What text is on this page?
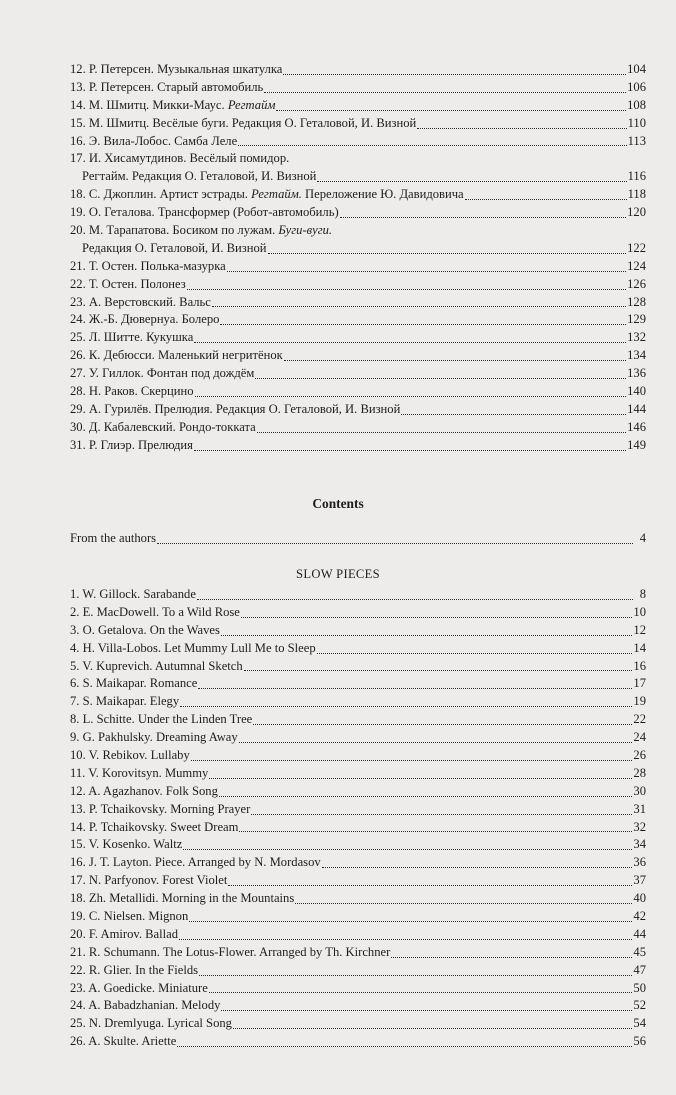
12. Р. Петерсен. Музыкальная шкатулка	104
13. Р. Петерсен. Старый автомобиль	106
14. М. Шмитц. Микки-Маус. Регтайм	108
15. М. Шмитц. Весёлые буги. Редакция О. Геталовой, И. Визной	110
16. Э. Вила-Лобос. Самба Леле	113
17. И. Хисамутдинов. Весёлый помидор.
Регтайм. Редакция О. Геталовой, И. Визной	116
18. С. Джоплин. Артист эстрады. Регтайм. Переложение Ю. Давидовича	118
19. О. Геталова. Трансформер (Робот-автомобиль)	120
20. М. Тарапатова. Босиком по лужам. Буги-вуги.
Редакция О. Геталовой, И. Визной	122
21. Т. Остен. Полька-мазурка	124
22. Т. Остен. Полонез	126
23. А. Верстовский. Вальс	128
24. Ж.-Б. Дювернуа. Болеро	129
25. Л. Шитте. Кукушка	132
26. К. Дебюсси. Маленький негритёнок	134
27. У. Гиллок. Фонтан под дождём	136
28. Н. Раков. Скерцино	140
29. А. Гурилёв. Прелюдия. Редакция О. Геталовой, И. Визной	144
30. Д. Кабалевский. Рондо-токката	146
31. Р. Глиэр. Прелюдия	149
Contents
From the authors	4
SLOW PIECES
1. W. Gillock. Sarabande	8
2. E. MacDowell. To a Wild Rose	10
3. O. Getalova. On the Waves	12
4. H. Villa-Lobos. Let Mummy Lull Me to Sleep	14
5. V. Kuprevich. Autumnal Sketch	16
6. S. Maikapar. Romance	17
7. S. Maikapar. Elegy	19
8. L. Schitte. Under the Linden Tree	22
9. G. Pakhulsky. Dreaming Away	24
10. V. Rebikov. Lullaby	26
11. V. Korovitsyn. Mummy	28
12. A. Agazhanov. Folk Song	30
13. P. Tchaikovsky. Morning Prayer	31
14. P. Tchaikovsky. Sweet Dream	32
15. V. Kosenko. Waltz	34
16. J. T. Layton. Piece. Arranged by N. Mordasov	36
17. N. Parfyonov. Forest Violet	37
18. Zh. Metallidi. Morning in the Mountains	40
19. C. Nielsen. Mignon	42
20. F. Amirov. Ballad	44
21. R. Schumann. The Lotus-Flower. Arranged by Th. Kirchner	45
22. R. Glier. In the Fields	47
23. A. Goedicke. Miniature	50
24. A. Babadzhanian. Melody	52
25. N. Dremlyuga. Lyrical Song	54
26. A. Skulte. Ariette	56
